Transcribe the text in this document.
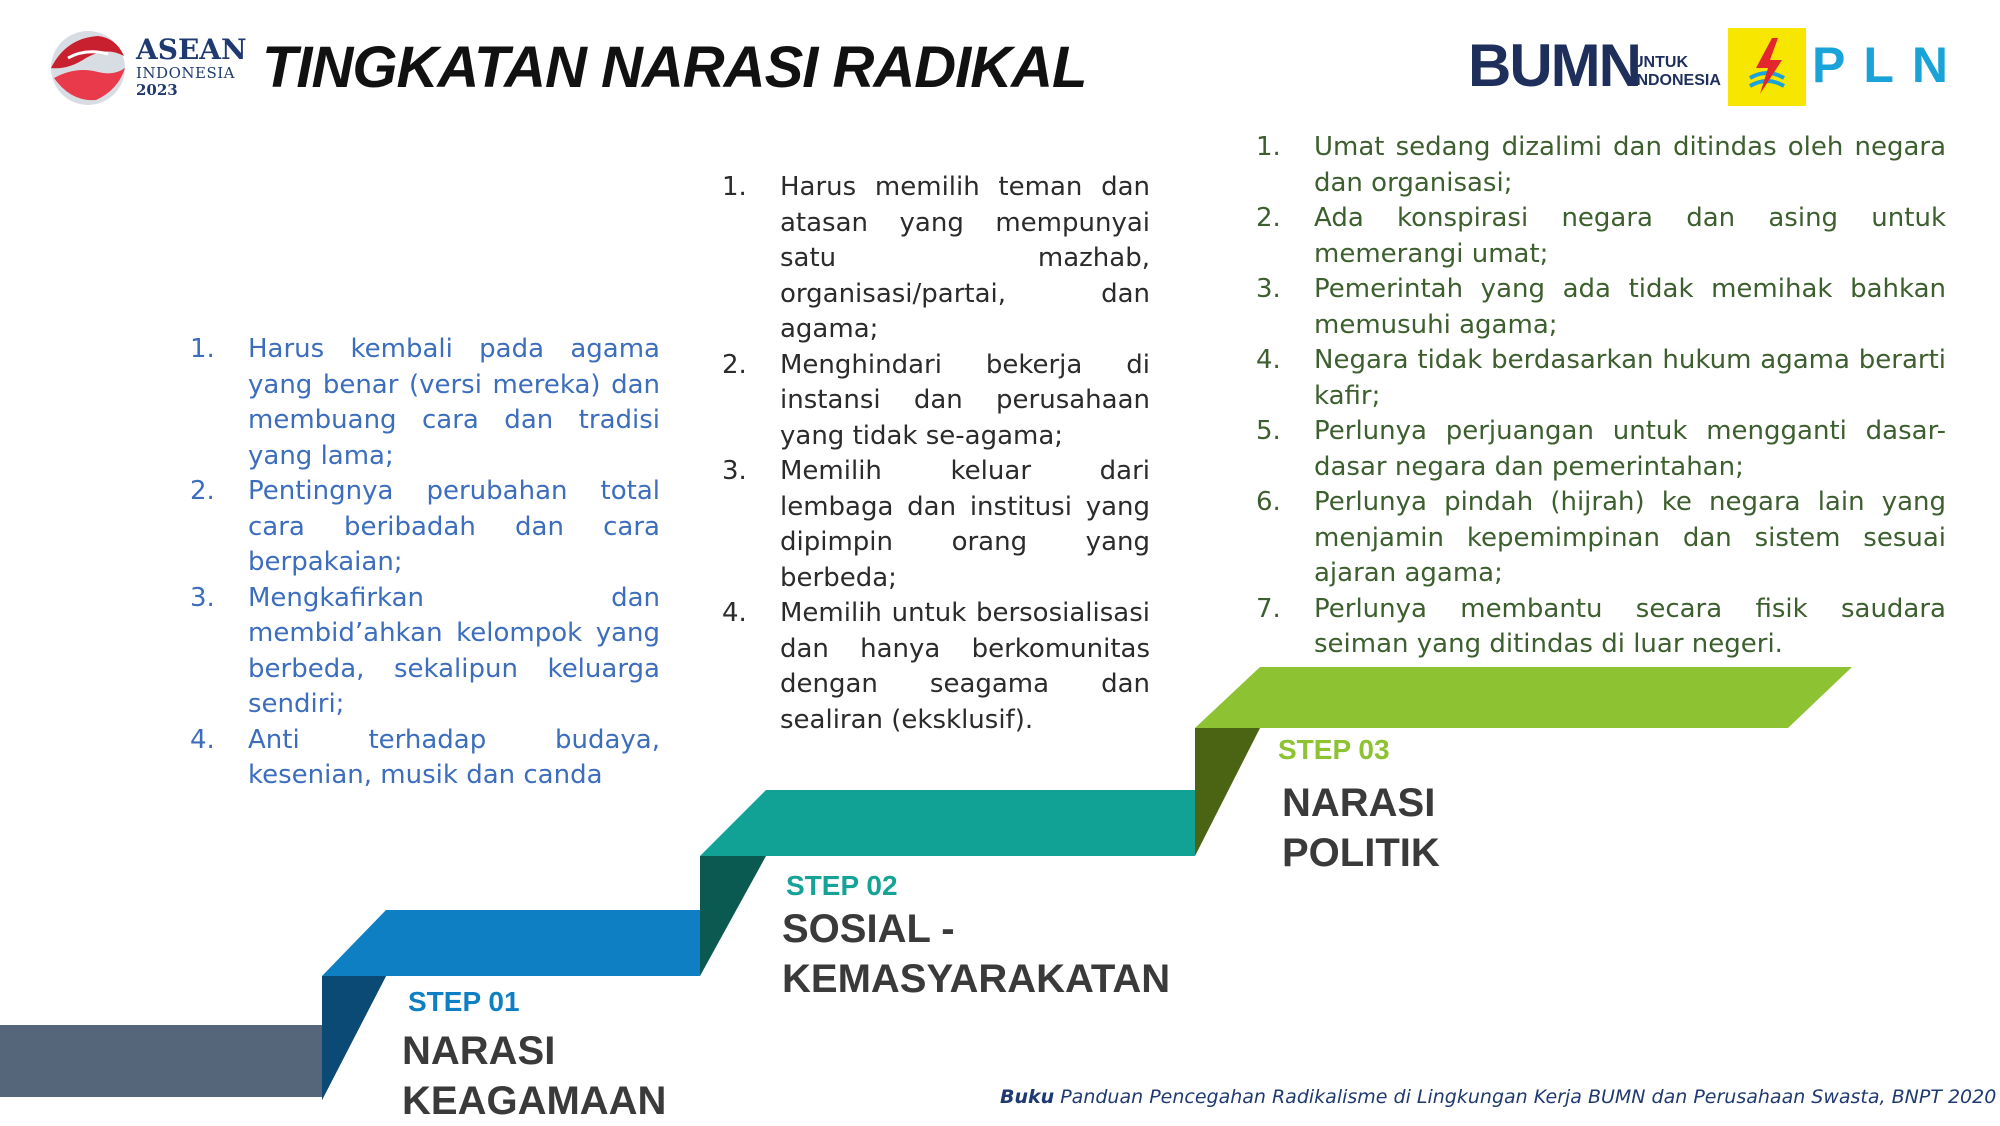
ASEAN
INDONESIA
2023	TINGKATAN NARASI RADIKAL	BUMN
UNTUK
INDONESIA PLN
1. Harus kembali pada agama yang benar (versi mereka) dan membuang cara dan tradisi yang lama;
2. Pentingnya perubahan total cara beribadah dan cara berpakaian;
3. Mengkafirkan dan membid’ahkan kelompok yang berbeda, sekalipun keluarga sendiri;
4. Anti terhadap budaya, kesenian, musik dan canda
1. Harus memilih teman dan atasan yang mempunyai satu mazhab, organisasi/partai, dan agama;
2. Menghindari bekerja di instansi dan perusahaan yang tidak se-agama;
3. Memilih keluar dari lembaga dan institusi yang dipimpin orang yang berbeda;
4. Memilih untuk bersosialisasi dan hanya berkomunitas dengan seagama dan sealiran (eksklusif).
1. Umat sedang dizalimi dan ditindas oleh negara dan organisasi;
2. Ada konspirasi negara dan asing untuk memerangi umat;
3. Pemerintah yang ada tidak memihak bahkan memusuhi agama;
4. Negara tidak berdasarkan hukum agama berarti kafir;
5. Perlunya perjuangan untuk mengganti dasar-dasar negara dan pemerintahan;
6. Perlunya pindah (hijrah) ke negara lain yang menjamin kepemimpinan dan sistem sesuai ajaran agama;
7. Perlunya membantu secara fisik saudara seiman yang ditindas di luar negeri.
STEP 01
NARASI
KEAGAMAAN
STEP 02
SOSIAL -
KEMASYARAKATAN
STEP 03
NARASI
POLITIK
Buku Panduan Pencegahan Radikalisme di Lingkungan Kerja BUMN dan Perusahaan Swasta, BNPT 2020
